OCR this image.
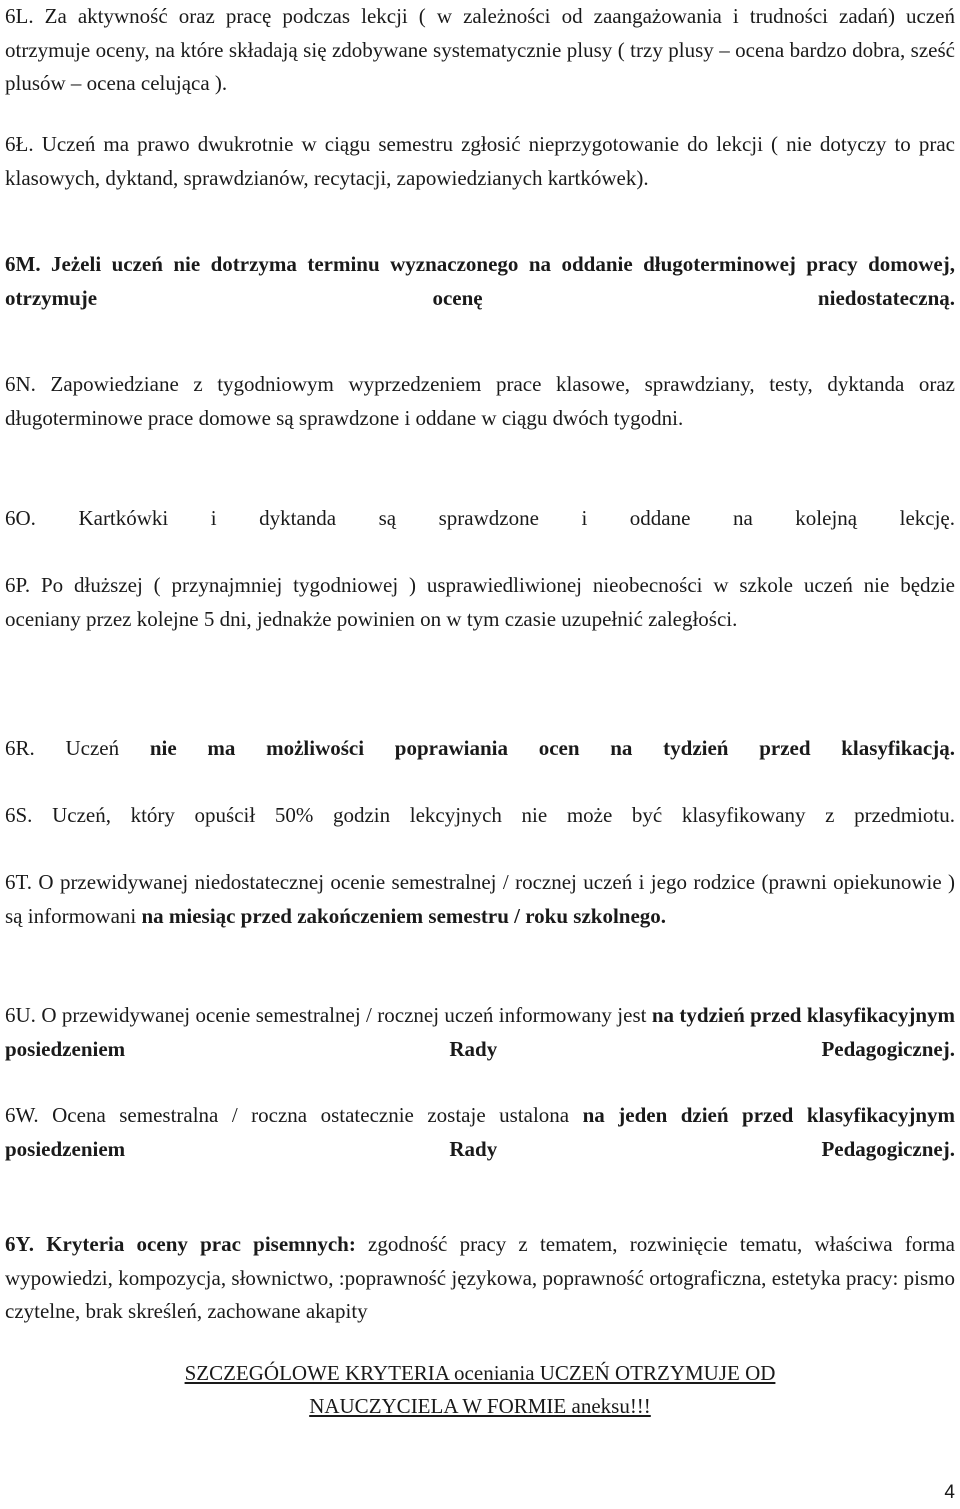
6L. Za aktywność oraz pracę podczas lekcji ( w zależności od zaangażowania i trudności zadań) uczeń otrzymuje oceny, na które składają się zdobywane systematycznie plusy ( trzy plusy – ocena bardzo dobra, sześć plusów – ocena celująca ).

6Ł. Uczeń ma prawo dwukrotnie w ciągu semestru zgłosić nieprzygotowanie do lekcji ( nie dotyczy to prac klasowych, dyktand, sprawdzianów, recytacji, zapowiedzianych kartkówek).

6M. Jeżeli uczeń nie dotrzyma terminu wyznaczonego na oddanie długoterminowej pracy domowej, otrzymuje ocenę niedostateczną.

6N. Zapowiedziane z tygodniowym wyprzedzeniem prace klasowe, sprawdziany, testy, dyktanda oraz długoterminowe prace domowe są sprawdzone i oddane w ciągu dwóch tygodni.

6O. Kartkówki i dyktanda są sprawdzone i oddane na kolejną lekcję.

6P. Po dłuższej ( przynajmniej tygodniowej ) usprawiedliwionej nieobecności w szkole uczeń nie będzie oceniany przez kolejne 5 dni, jednakże powinien on w tym czasie uzupełnić zaległości.

6R. Uczeń nie ma możliwości poprawiania ocen na tydzień przed klasyfikacją.

6S. Uczeń, który opuścił 50% godzin lekcyjnych nie może być klasyfikowany z przedmiotu.

6T. O przewidywanej niedostatecznej ocenie semestralnej / rocznej uczeń i jego rodzice (prawni opiekunowie ) są informowani na miesiąc przed zakończeniem semestru / roku szkolnego.

6U. O przewidywanej ocenie semestralnej / rocznej uczeń informowany jest na tydzień przed klasyfikacyjnym posiedzeniem Rady Pedagogicznej.

6W. Ocena semestralna / roczna ostatecznie zostaje ustalona na jeden dzień przed klasyfikacyjnym posiedzeniem Rady Pedagogicznej.

6Y. Kryteria oceny prac pisemnych: zgodność pracy z tematem, rozwinięcie tematu, właściwa forma wypowiedzi, kompozycja, słownictwo, :poprawność językowa, poprawność ortograficzna, estetyka pracy: pismo czytelne, brak skreśleń, zachowane akapity

SZCZEGÓLOWE KRYTERIA oceniania UCZEŃ OTRZYMUJE OD
NAUCZYCIELA W FORMIE aneksu!!!
4
